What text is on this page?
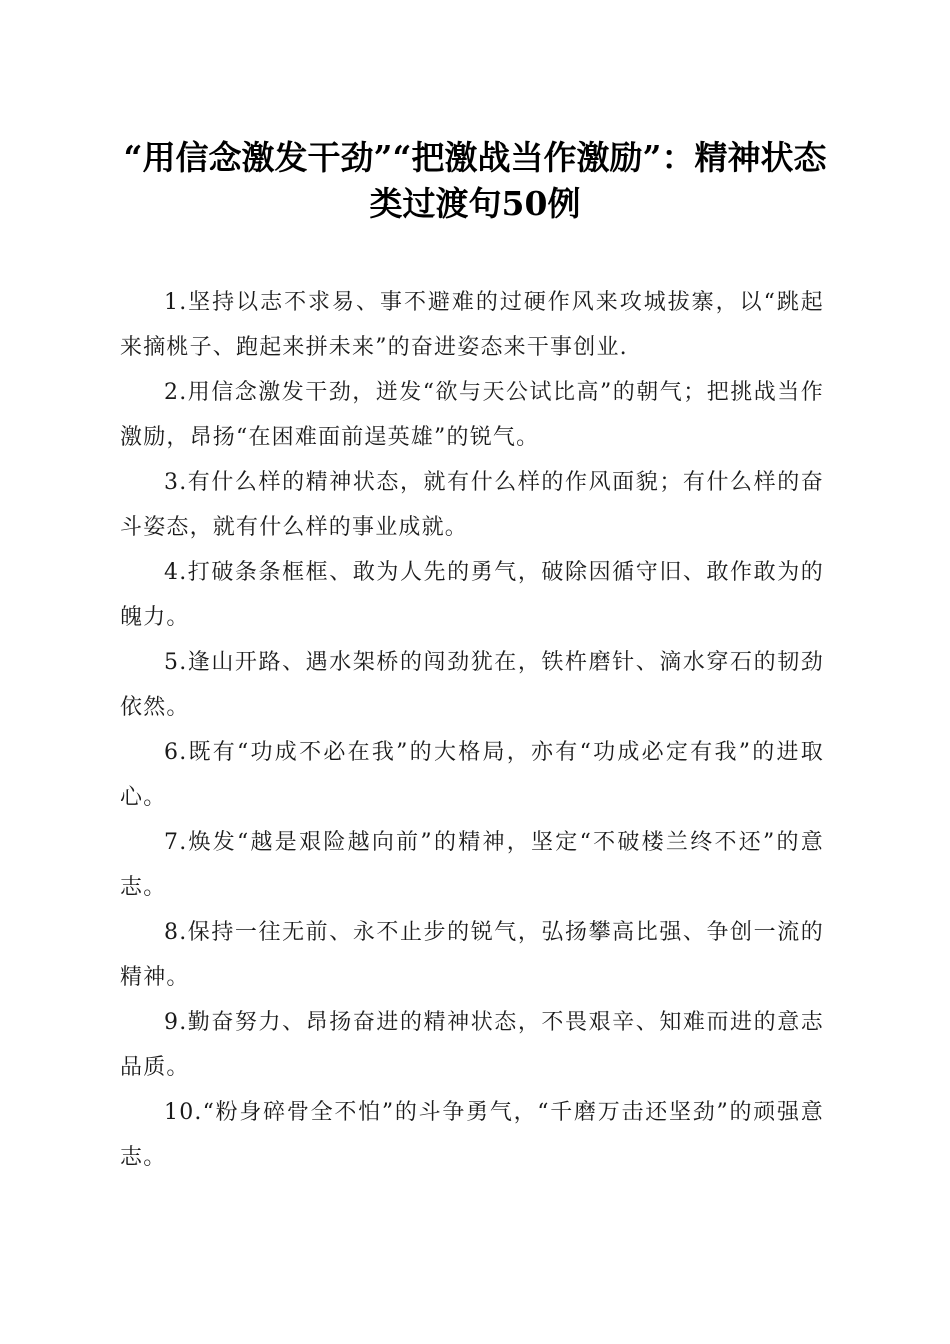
“用信念激发干劲”“把激战当作激励”：精神状态类过渡句50例

1.坚持以志不求易、事不避难的过硬作风来攻城拔寨，以“跳起来摘桃子、跑起来拼未来”的奋进姿态来干事创业.

2.用信念激发干劲，迸发“欲与天公试比高”的朝气；把挑战当作激励，昂扬“在困难面前逞英雄”的锐气。

3.有什么样的精神状态，就有什么样的作风面貌；有什么样的奋斗姿态，就有什么样的事业成就。

4.打破条条框框、敢为人先的勇气，破除因循守旧、敢作敢为的魄力。

5.逢山开路、遇水架桥的闯劲犹在，铁杵磨针、滴水穿石的韧劲依然。

6.既有“功成不必在我”的大格局，亦有“功成必定有我”的进取心。

7.焕发“越是艰险越向前”的精神，坚定“不破楼兰终不还”的意志。

8.保持一往无前、永不止步的锐气，弘扬攀高比强、争创一流的精神。

9.勤奋努力、昂扬奋进的精神状态，不畏艰辛、知难而进的意志品质。

10.“粉身碎骨全不怕”的斗争勇气，“千磨万击还坚劲”的顽强意志。
